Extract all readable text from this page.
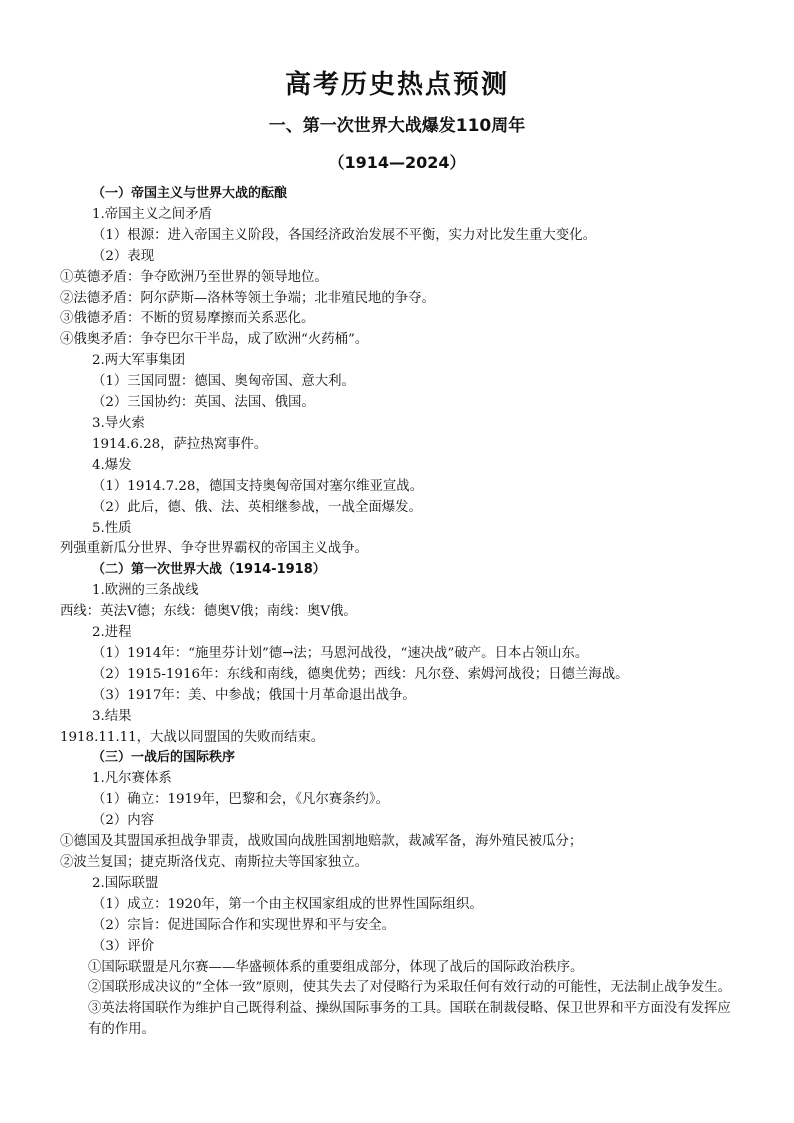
高考历史热点预测
一、第一次世界大战爆发110周年
（1914—2024）
（一）帝国主义与世界大战的酝酿
1.帝国主义之间矛盾
（1）根源：进入帝国主义阶段，各国经济政治发展不平衡，实力对比发生重大变化。
（2）表现
①英德矛盾：争夺欧洲乃至世界的领导地位。
②法德矛盾：阿尔萨斯—洛林等领土争端；北非殖民地的争夺。
③俄德矛盾：不断的贸易摩擦而关系恶化。
④俄奥矛盾：争夺巴尔干半岛，成了欧洲“火药桶”。
2.两大军事集团
（1）三国同盟：德国、奥匈帝国、意大利。
（2）三国协约：英国、法国、俄国。
3.导火索
1914.6.28，萨拉热窝事件。
4.爆发
（1）1914.7.28，德国支持奥匈帝国对塞尔维亚宣战。
（2）此后，德、俄、法、英相继参战，一战全面爆发。
5.性质
列强重新瓜分世界、争夺世界霸权的帝国主义战争。
（二）第一次世界大战（1914-1918）
1.欧洲的三条战线
西线：英法Ⅴ德；东线：德奥Ⅴ俄；南线：奥Ⅴ俄。
2.进程
（1）1914年：“施里芬计划”德→法；马恩河战役，“速决战”破产。日本占领山东。
（2）1915-1916年：东线和南线，德奥优势；西线：凡尔登、索姆河战役；日德兰海战。
（3）1917年：美、中参战；俄国十月革命退出战争。
3.结果
1918.11.11，大战以同盟国的失败而结束。
（三）一战后的国际秩序
1.凡尔赛体系
（1）确立：1919年，巴黎和会，《凡尔赛条约》。
（2）内容
①德国及其盟国承担战争罪责，战败国向战胜国割地赔款，裁减军备，海外殖民被瓜分；
②波兰复国；捷克斯洛伐克、南斯拉夫等国家独立。
2.国际联盟
（1）成立：1920年，第一个由主权国家组成的世界性国际组织。
（2）宗旨：促进国际合作和实现世界和平与安全。
（3）评价
①国际联盟是凡尔赛——华盛顿体系的重要组成部分，体现了战后的国际政治秩序。
②国联形成决议的“全体一致”原则，使其失去了对侵略行为采取任何有效行动的可能性，无法制止战争发生。
③英法将国联作为维护自己既得利益、操纵国际事务的工具。国联在制裁侵略、保卫世界和平方面没有发挥应有的作用。
